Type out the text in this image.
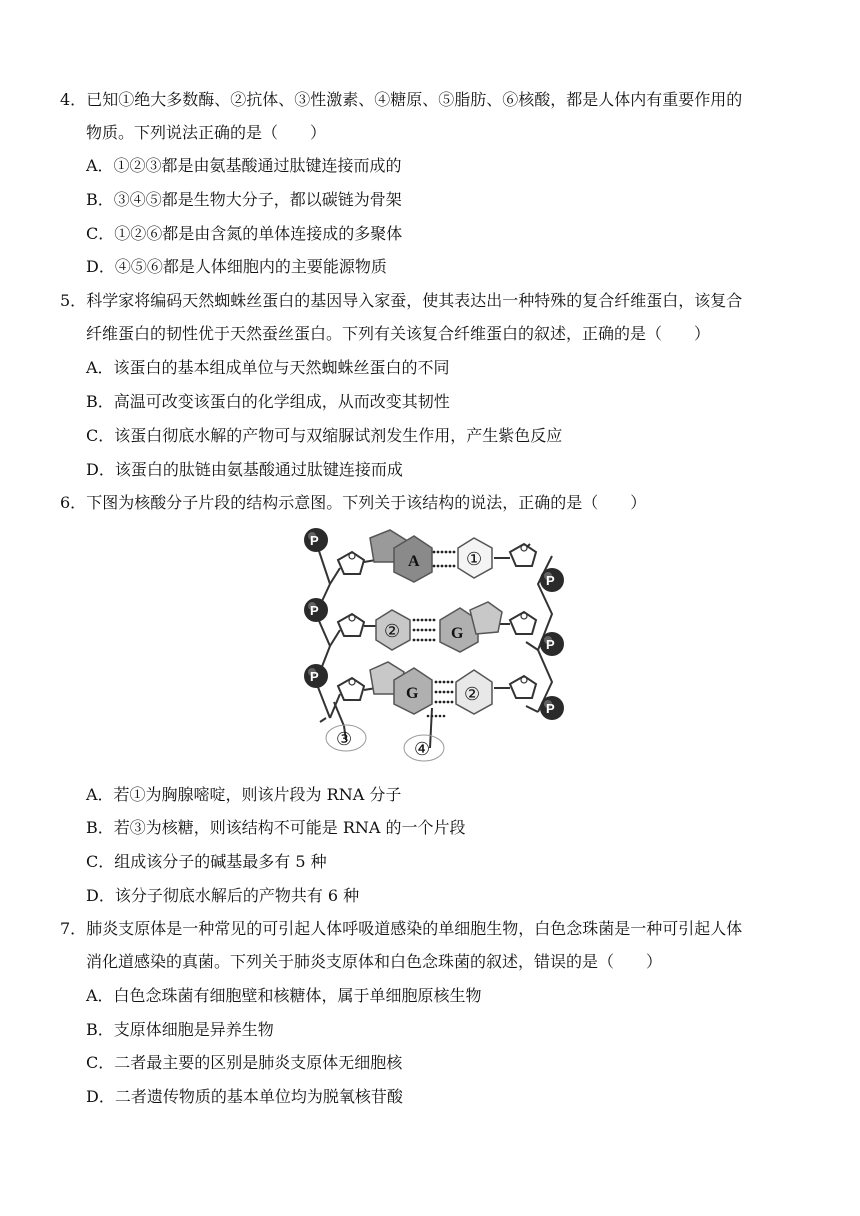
4．已知①绝大多数酶、②抗体、③性激素、④糖原、⑤脂肪、⑥核酸，都是人体内有重要作用的
物质。下列说法正确的是（　　）
A．①②③都是由氨基酸通过肽键连接而成的
B．③④⑤都是生物大分子，都以碳链为骨架
C．①②⑥都是由含氮的单体连接成的多聚体
D．④⑤⑥都是人体细胞内的主要能源物质
5．科学家将编码天然蜘蛛丝蛋白的基因导入家蚕，使其表达出一种特殊的复合纤维蛋白，该复合
纤维蛋白的韧性优于天然蚕丝蛋白。下列有关该复合纤维蛋白的叙述，正确的是（　　）
A．该蛋白的基本组成单位与天然蜘蛛丝蛋白的不同
B．高温可改变该蛋白的化学组成，从而改变其韧性
C．该蛋白彻底水解的产物可与双缩脲试剂发生作用，产生紫色反应
D．该蛋白的肽链由氨基酸通过肽键连接而成
6．下图为核酸分子片段的结构示意图。下列关于该结构的说法，正确的是（　　）
A	①
②	G
G	②
P
P
P
P
P
P
③	④
A．若①为胸腺嘧啶，则该片段为 RNA 分子
B．若③为核糖，则该结构不可能是 RNA 的一个片段
C．组成该分子的碱基最多有 5 种
D．该分子彻底水解后的产物共有 6 种
7．肺炎支原体是一种常见的可引起人体呼吸道感染的单细胞生物，白色念珠菌是一种可引起人体
消化道感染的真菌。下列关于肺炎支原体和白色念珠菌的叙述，错误的是（　　）
A．白色念珠菌有细胞壁和核糖体，属于单细胞原核生物
B．支原体细胞是异养生物
C．二者最主要的区别是肺炎支原体无细胞核
D．二者遗传物质的基本单位均为脱氧核苷酸
